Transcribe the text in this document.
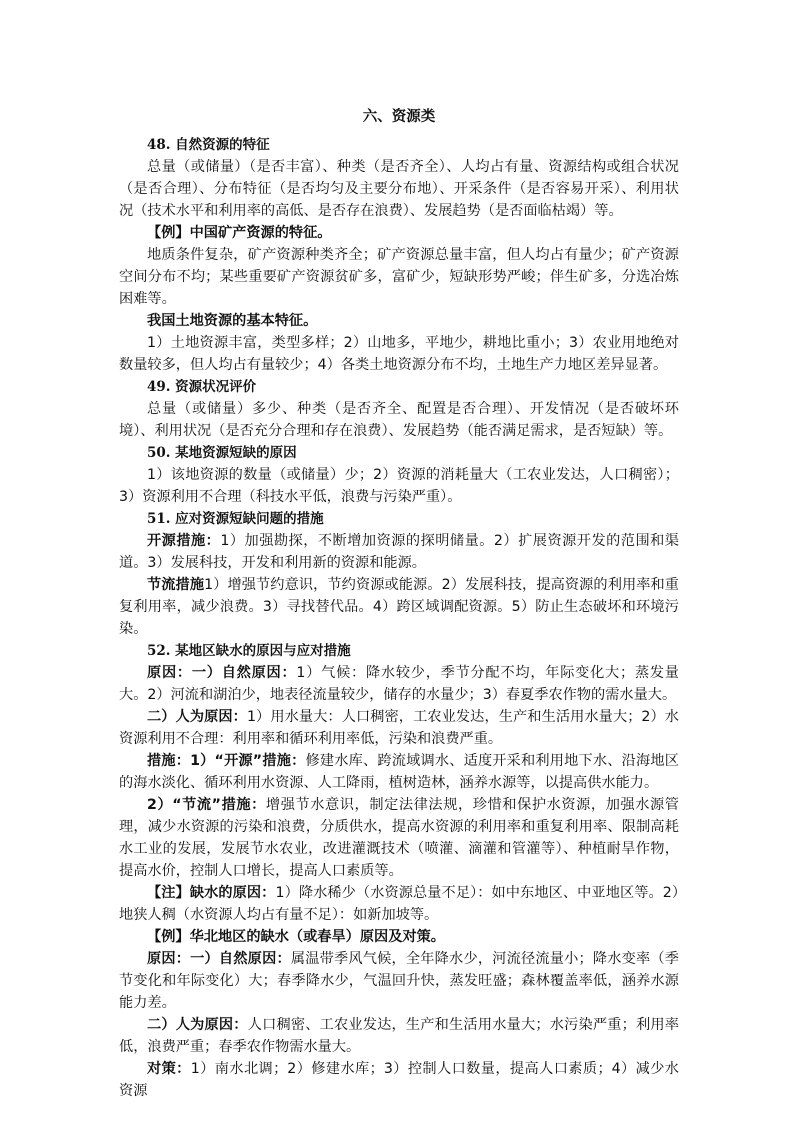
六、资源类

48. 自然资源的特征

总量（或储量）（是否丰富）、种类（是否齐全）、人均占有量、资源结构或组合状况（是否合理）、分布特征（是否均匀及主要分布地）、开采条件（是否容易开采）、利用状况（技术水平和利用率的高低、是否存在浪费）、发展趋势（是否面临枯竭）等。

【例】中国矿产资源的特征。

地质条件复杂，矿产资源种类齐全；矿产资源总量丰富，但人均占有量少；矿产资源空间分布不均；某些重要矿产资源贫矿多，富矿少，短缺形势严峻；伴生矿多，分选冶炼困难等。

我国土地资源的基本特征。

1）土地资源丰富，类型多样；2）山地多，平地少，耕地比重小；3）农业用地绝对数量较多，但人均占有量较少；4）各类土地资源分布不均，土地生产力地区差异显著。

49. 资源状况评价

总量（或储量）多少、种类（是否齐全、配置是否合理）、开发情况（是否破坏环境）、利用状况（是否充分合理和存在浪费）、发展趋势（能否满足需求，是否短缺）等。

50. 某地资源短缺的原因

1）该地资源的数量（或储量）少；2）资源的消耗量大（工农业发达，人口稠密）；3）资源利用不合理（科技水平低，浪费与污染严重）。

51. 应对资源短缺问题的措施

开源措施：1）加强勘探，不断增加资源的探明储量。2）扩展资源开发的范围和渠道。3）发展科技，开发和利用新的资源和能源。

节流措施1）增强节约意识，节约资源或能源。2）发展科技，提高资源的利用率和重复利用率，减少浪费。3）寻找替代品。4）跨区域调配资源。5）防止生态破坏和环境污染。

52. 某地区缺水的原因与应对措施

原因：一）自然原因：1）气候：降水较少，季节分配不均，年际变化大；蒸发量大。2）河流和湖泊少，地表径流量较少，储存的水量少；3）春夏季农作物的需水量大。

二）人为原因：1）用水量大：人口稠密，工农业发达，生产和生活用水量大；2）水资源利用不合理：利用率和循环利用率低，污染和浪费严重。

措施：1）“开源”措施：修建水库、跨流域调水、适度开采和利用地下水、沿海地区的海水淡化、循环利用水资源、人工降雨，植树造林，涵养水源等，以提高供水能力。

2）“节流”措施：增强节水意识，制定法律法规，珍惜和保护水资源，加强水源管理，减少水资源的污染和浪费，分质供水，提高水资源的利用率和重复利用率、限制高耗水工业的发展，发展节水农业，改进灌溉技术（喷灌、滴灌和管灌等）、种植耐旱作物，提高水价，控制人口增长，提高人口素质等。

【注】缺水的原因：1）降水稀少（水资源总量不足）：如中东地区、中亚地区等。2）地狭人稠（水资源人均占有量不足）：如新加坡等。

【例】华北地区的缺水（或春旱）原因及对策。

原因：一）自然原因：属温带季风气候，全年降水少，河流径流量小；降水变率（季节变化和年际变化）大；春季降水少，气温回升快，蒸发旺盛；森林覆盖率低，涵养水源能力差。

二）人为原因：人口稠密、工农业发达，生产和生活用水量大；水污染严重；利用率低，浪费严重；春季农作物需水量大。

对策：1）南水北调；2）修建水库；3）控制人口数量，提高人口素质；4）减少水资源
